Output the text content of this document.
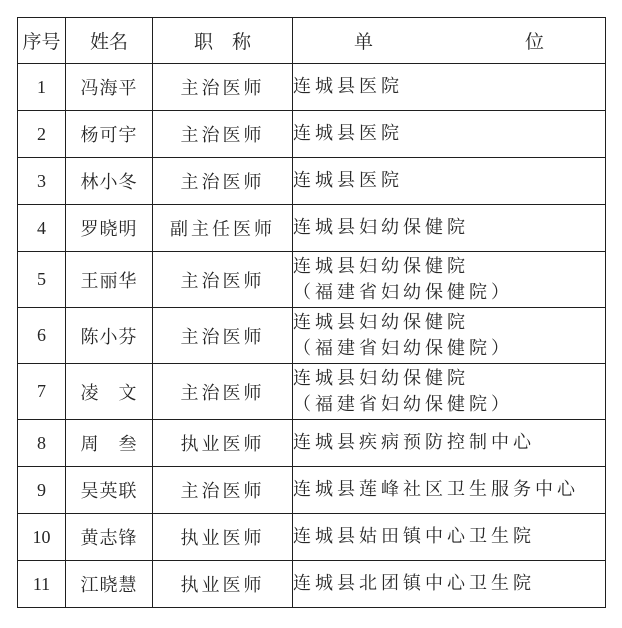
序号	姓名	职　称	单　　　　　　　　位
1	冯海平	主治医师	连城县医院

2	杨可宇	主治医师	连城县医院

3	林小冬	主治医师	连城县医院

4	罗晓明	副主任医师	连城县妇幼保健院

5	王丽华	主治医师	连城县妇幼保健院
（福建省妇幼保健院）

6	陈小芬	主治医师	连城县妇幼保健院
（福建省妇幼保健院）

7	凌　文	主治医师	连城县妇幼保健院
（福建省妇幼保健院）

8	周　叁	执业医师	连城县疾病预防控制中心

9	吴英联	主治医师	连城县莲峰社区卫生服务中心

10	黄志锋	执业医师	连城县姑田镇中心卫生院

11	江晓慧	执业医师	连城县北团镇中心卫生院
